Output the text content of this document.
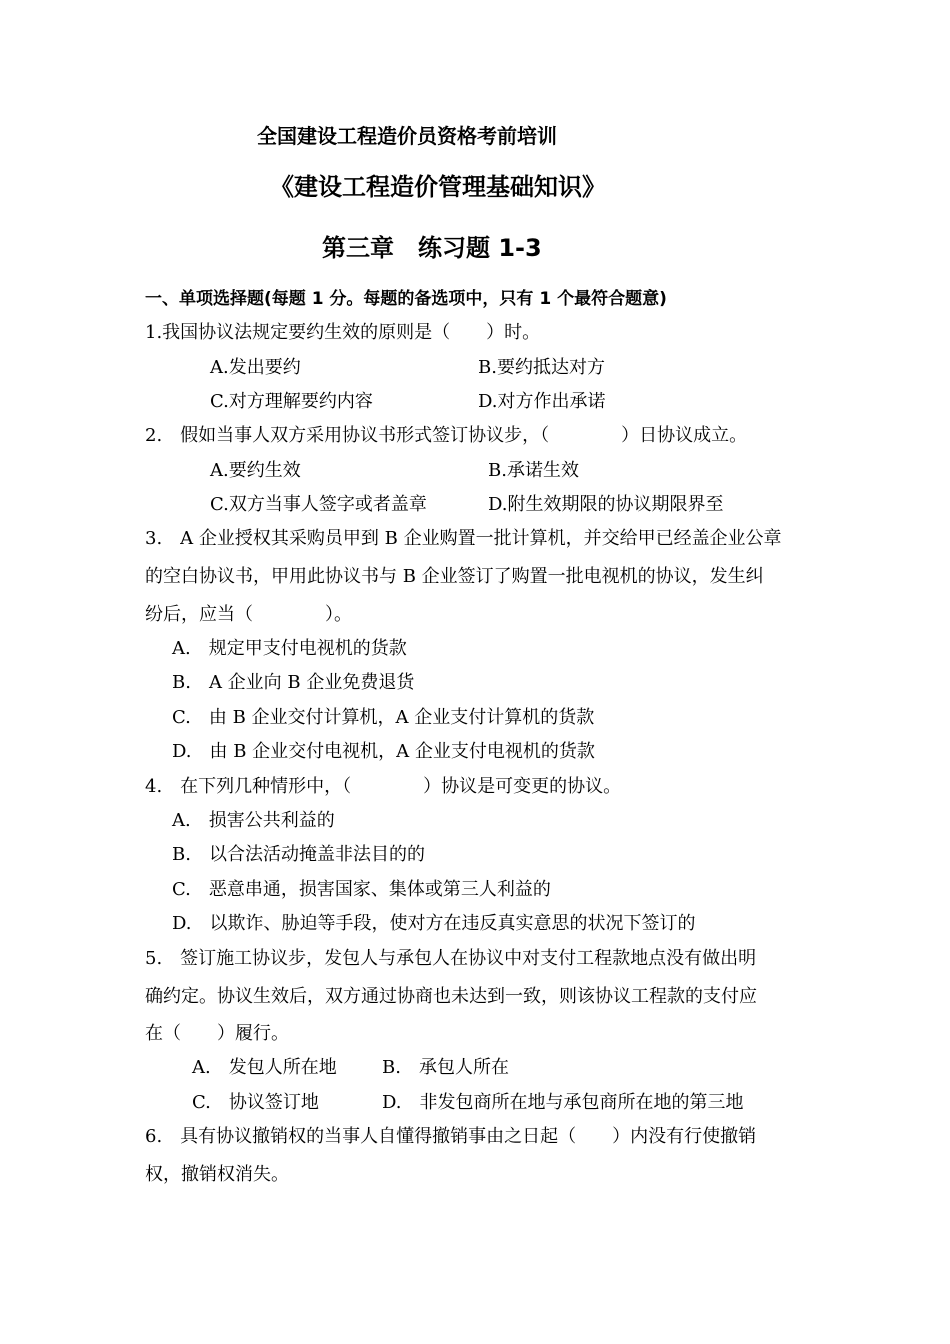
全国建设工程造价员资格考前培训
《建设工程造价管理基础知识》
第三章　练习题 1-3
一、单项选择题(每题 1 分。每题的备选项中，只有 1 个最符合题意)
1.我国协议法规定要约生效的原则是（　　）时。
A.发出要约	B.要约抵达对方
C.对方理解要约内容	D.对方作出承诺
2.　假如当事人双方采用协议书形式签订协议步，（　　　　）日协议成立。
A.要约生效	B.承诺生效
C.双方当事人签字或者盖章	D.附生效期限的协议期限界至
3.　A 企业授权其采购员甲到 B 企业购置一批计算机，并交给甲已经盖企业公章
的空白协议书，甲用此协议书与 B 企业签订了购置一批电视机的协议，发生纠
纷后，应当（　　　　）。
A.　规定甲支付电视机的货款
B.　A 企业向 B 企业免费退货
C.　由 B 企业交付计算机，A 企业支付计算机的货款
D.　由 B 企业交付电视机，A 企业支付电视机的货款
4.　在下列几种情形中，（　　　　）协议是可变更的协议。
A.　损害公共利益的
B.　以合法活动掩盖非法目的的
C.　恶意串通，损害国家、集体或第三人利益的
D.　以欺诈、胁迫等手段，使对方在违反真实意思的状况下签订的
5.　签订施工协议步，发包人与承包人在协议中对支付工程款地点没有做出明
确约定。协议生效后，双方通过协商也未达到一致，则该协议工程款的支付应
在（　　）履行。
A.　发包人所在地	B.　承包人所在
C.　协议签订地	D.　非发包商所在地与承包商所在地的第三地
6.　具有协议撤销权的当事人自懂得撤销事由之日起（　　）内没有行使撤销
权，撤销权消失。
